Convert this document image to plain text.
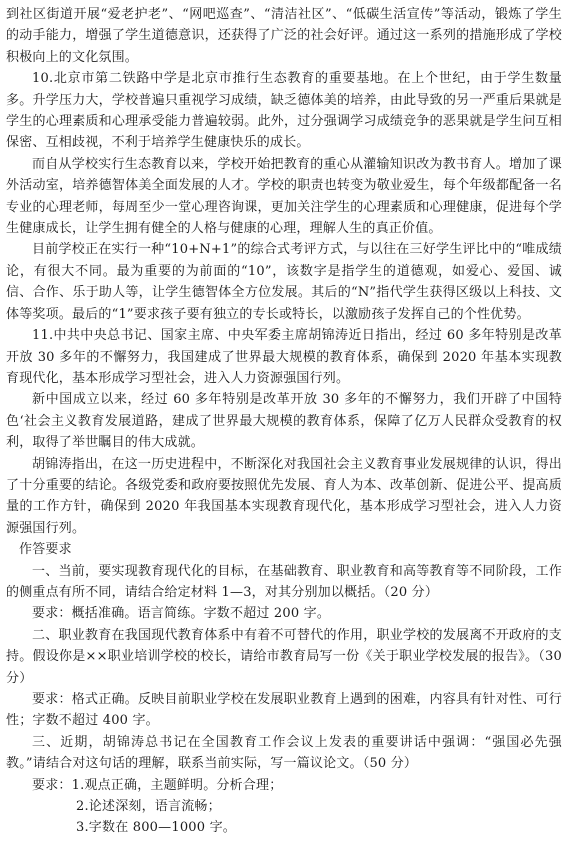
到社区街道开展“爱老护老”、“网吧巡查”、“清洁社区”、“低碳生活宣传”等活动，锻炼了学生的动手能力，增强了学生道德意识，还获得了广泛的社会好评。通过这一系列的措施形成了学校积极向上的文化氛围。

10.北京市第二铁路中学是北京市推行生态教育的重要基地。在上个世纪，由于学生数量多。升学压力大，学校普遍只重视学习成绩，缺乏德体美的培养，由此导致的另一严重后果就是学生的心理素质和心理承受能力普遍较弱。此外，过分强调学习成绩竞争的恶果就是学生问互相保密、互相歧视，不利于培养学生健康快乐的成长。

而自从学校实行生态教育以来，学校开始把教育的重心从灌输知识改为教书育人。增加了课外活动室，培养德智体美全面发展的人才。学校的职责也转变为敬业爱生，每个年级都配备一名专业的心理老师，每周至少一堂心理咨询课，更加关注学生的心理素质和心理健康，促进每个学生健康成长，让学生拥有健全的人格与健康的心理，理解人生的真正价值。

目前学校正在实行一种“10+N+1”的综合式考评方式，与以往在三好学生评比中的“唯成绩论，有很大不同。最为重要的为前面的“10”，该数字是指学生的道德观，如爱心、爱国、诚信、合作、乐于助人等，让学生德智体全方位发展。其后的“N”指代学生获得区级以上科技、文体等奖项。最后的“1”要求孩子要有独立的专长或特长，以激励孩子发挥自己的个性优势。

11.中共中央总书记、国家主席、中央军委主席胡锦涛近日指出，经过 60 多年特别是改革开放 30 多年的不懈努力，我国建成了世界最大规模的教育体系，确保到 2020 年基本实现教育现代化，基本形成学习型社会，进入人力资源强国行列。

新中国成立以来，经过 60 多年特别是改革开放 30 多年的不懈努力，我们开辟了中国特色‘社会主义教育发展道路，建成了世界最大规模的教育体系，保障了亿万人民群众受教育的权利，取得了举世瞩目的伟大成就。

胡锦涛指出，在这一历史进程中，不断深化对我国社会主义教育事业发展规律的认识，得出了十分重要的结论。各级党委和政府要按照优先发展、育人为本、改革创新、促进公平、提高质量的工作方针，确保到 2020 年我国基本实现教育现代化，基本形成学习型社会，进入人力资源强国行列。

作答要求

一、当前，要实现教育现代化的目标，在基础教育、职业教育和高等教育等不同阶段，工作的侧重点有所不同，请结合给定材料 1—3，对其分别加以概括。（20 分）

要求：概括准确。语言简练。字数不超过 200 字。

二、职业教育在我国现代教育体系中有着不可替代的作用，职业学校的发展离不开政府的支持。假设你是××职业培训学校的校长，请给市教育局写一份《关于职业学校发展的报告》。（30 分）

要求：格式正确。反映目前职业学校在发展职业教育上遇到的困难，内容具有针对性、可行性；字数不超过 400 字。

三、近期，胡锦涛总书记在全国教育工作会议上发表的重要讲话中强调：“强国必先强教。”请结合对这句话的理解，联系当前实际，写一篇议论文。（50 分）

要求：1.观点正确，主题鲜明。分析合理；

2.论述深刻，语言流畅；

3.字数在 800—1000 字。
